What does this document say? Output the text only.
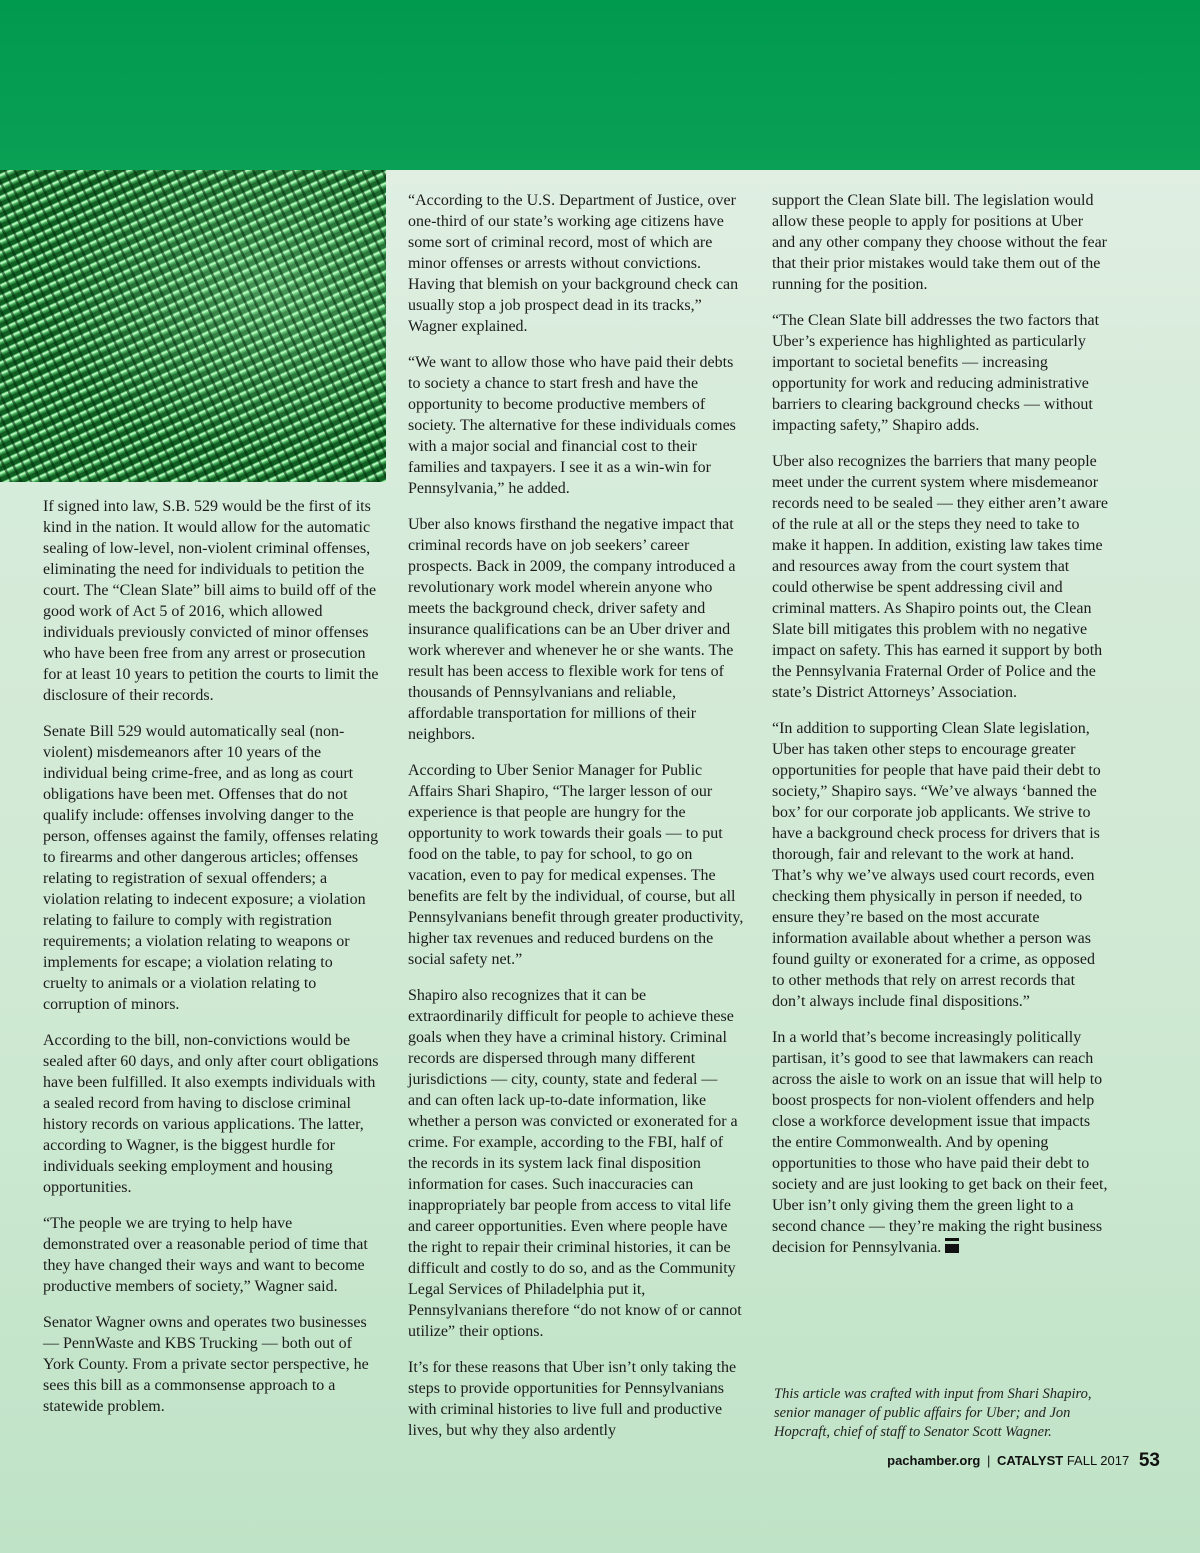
If signed into law, S.B. 529 would be the first of its kind in the nation. It would allow for the automatic sealing of low-level, non-violent criminal offenses, eliminating the need for individuals to petition the court. The “Clean Slate” bill aims to build off of the good work of Act 5 of 2016, which allowed individuals previously convicted of minor offenses who have been free from any arrest or prosecution for at least 10 years to petition the courts to limit the disclosure of their records.

Senate Bill 529 would automatically seal (non-violent) misdemeanors after 10 years of the individual being crime-free, and as long as court obligations have been met. Offenses that do not qualify include: offenses involving danger to the person, offenses against the family, offenses relating to firearms and other dangerous articles; offenses relating to registration of sexual offenders; a violation relating to indecent exposure; a violation relating to failure to comply with registration requirements; a violation relating to weapons or implements for escape; a violation relating to cruelty to animals or a violation relating to corruption of minors.

According to the bill, non-convictions would be sealed after 60 days, and only after court obligations have been fulfilled. It also exempts individuals with a sealed record from having to disclose criminal history records on various applications. The latter, according to Wagner, is the biggest hurdle for individuals seeking employment and housing opportunities.

“The people we are trying to help have demonstrated over a reasonable period of time that they have changed their ways and want to become productive members of society,” Wagner said.

Senator Wagner owns and operates two businesses — PennWaste and KBS Trucking — both out of York County. From a private sector perspective, he sees this bill as a commonsense approach to a statewide problem.

“According to the U.S. Department of Justice, over one-third of our state’s working age citizens have some sort of criminal record, most of which are minor offenses or arrests without convictions. Having that blemish on your background check can usually stop a job prospect dead in its tracks,” Wagner explained.

“We want to allow those who have paid their debts to society a chance to start fresh and have the opportunity to become productive members of society. The alternative for these individuals comes with a major social and financial cost to their families and taxpayers. I see it as a win-win for Pennsylvania,” he added.

Uber also knows firsthand the negative impact that criminal records have on job seekers’ career prospects. Back in 2009, the company introduced a revolutionary work model wherein anyone who meets the background check, driver safety and insurance qualifications can be an Uber driver and work wherever and whenever he or she wants. The result has been access to flexible work for tens of thousands of Pennsylvanians and reliable, affordable transportation for millions of their neighbors.

According to Uber Senior Manager for Public Affairs Shari Shapiro, “The larger lesson of our experience is that people are hungry for the opportunity to work towards their goals — to put food on the table, to pay for school, to go on vacation, even to pay for medical expenses. The benefits are felt by the individual, of course, but all Pennsylvanians benefit through greater productivity, higher tax revenues and reduced burdens on the social safety net.”

Shapiro also recognizes that it can be extraordinarily difficult for people to achieve these goals when they have a criminal history. Criminal records are dispersed through many different jurisdictions — city, county, state and federal — and can often lack up-to-date information, like whether a person was convicted or exonerated for a crime. For example, according to the FBI, half of the records in its system lack final disposition information for cases. Such inaccuracies can inappropriately bar people from access to vital life and career opportunities. Even where people have the right to repair their criminal histories, it can be difficult and costly to do so, and as the Community Legal Services of Philadelphia put it, Pennsylvanians therefore “do not know of or cannot utilize” their options.

It’s for these reasons that Uber isn’t only taking the steps to provide opportunities for Pennsylvanians with criminal histories to live full and productive lives, but why they also ardently

support the Clean Slate bill. The legislation would allow these people to apply for positions at Uber and any other company they choose without the fear that their prior mistakes would take them out of the running for the position.

“The Clean Slate bill addresses the two factors that Uber’s experience has highlighted as particularly important to societal benefits — increasing opportunity for work and reducing administrative barriers to clearing background checks — without impacting safety,” Shapiro adds.

Uber also recognizes the barriers that many people meet under the current system where misdemeanor records need to be sealed — they either aren’t aware of the rule at all or the steps they need to take to make it happen. In addition, existing law takes time and resources away from the court system that could otherwise be spent addressing civil and criminal matters. As Shapiro points out, the Clean Slate bill mitigates this problem with no negative impact on safety. This has earned it support by both the Pennsylvania Fraternal Order of Police and the state’s District Attorneys’ Association.

“In addition to supporting Clean Slate legislation, Uber has taken other steps to encourage greater opportunities for people that have paid their debt to society,” Shapiro says. “We’ve always ‘banned the box’ for our corporate job applicants. We strive to have a background check process for drivers that is thorough, fair and relevant to the work at hand. That’s why we’ve always used court records, even checking them physically in person if needed, to ensure they’re based on the most accurate information available about whether a person was found guilty or exonerated for a crime, as opposed to other methods that rely on arrest records that don’t always include final dispositions.”

In a world that’s become increasingly politically partisan, it’s good to see that lawmakers can reach across the aisle to work on an issue that will help to boost prospects for non-violent offenders and help close a workforce development issue that impacts the entire Commonwealth. And by opening opportunities to those who have paid their debt to society and are just looking to get back on their feet, Uber isn’t only giving them the green light to a second chance — they’re making the right business decision for Pennsylvania.

This article was crafted with input from Shari Shapiro, senior manager of public affairs for Uber; and Jon Hopcraft, chief of staff to Senator Scott Wagner.
pachamber.org | CATALYST FALL 2017 53
